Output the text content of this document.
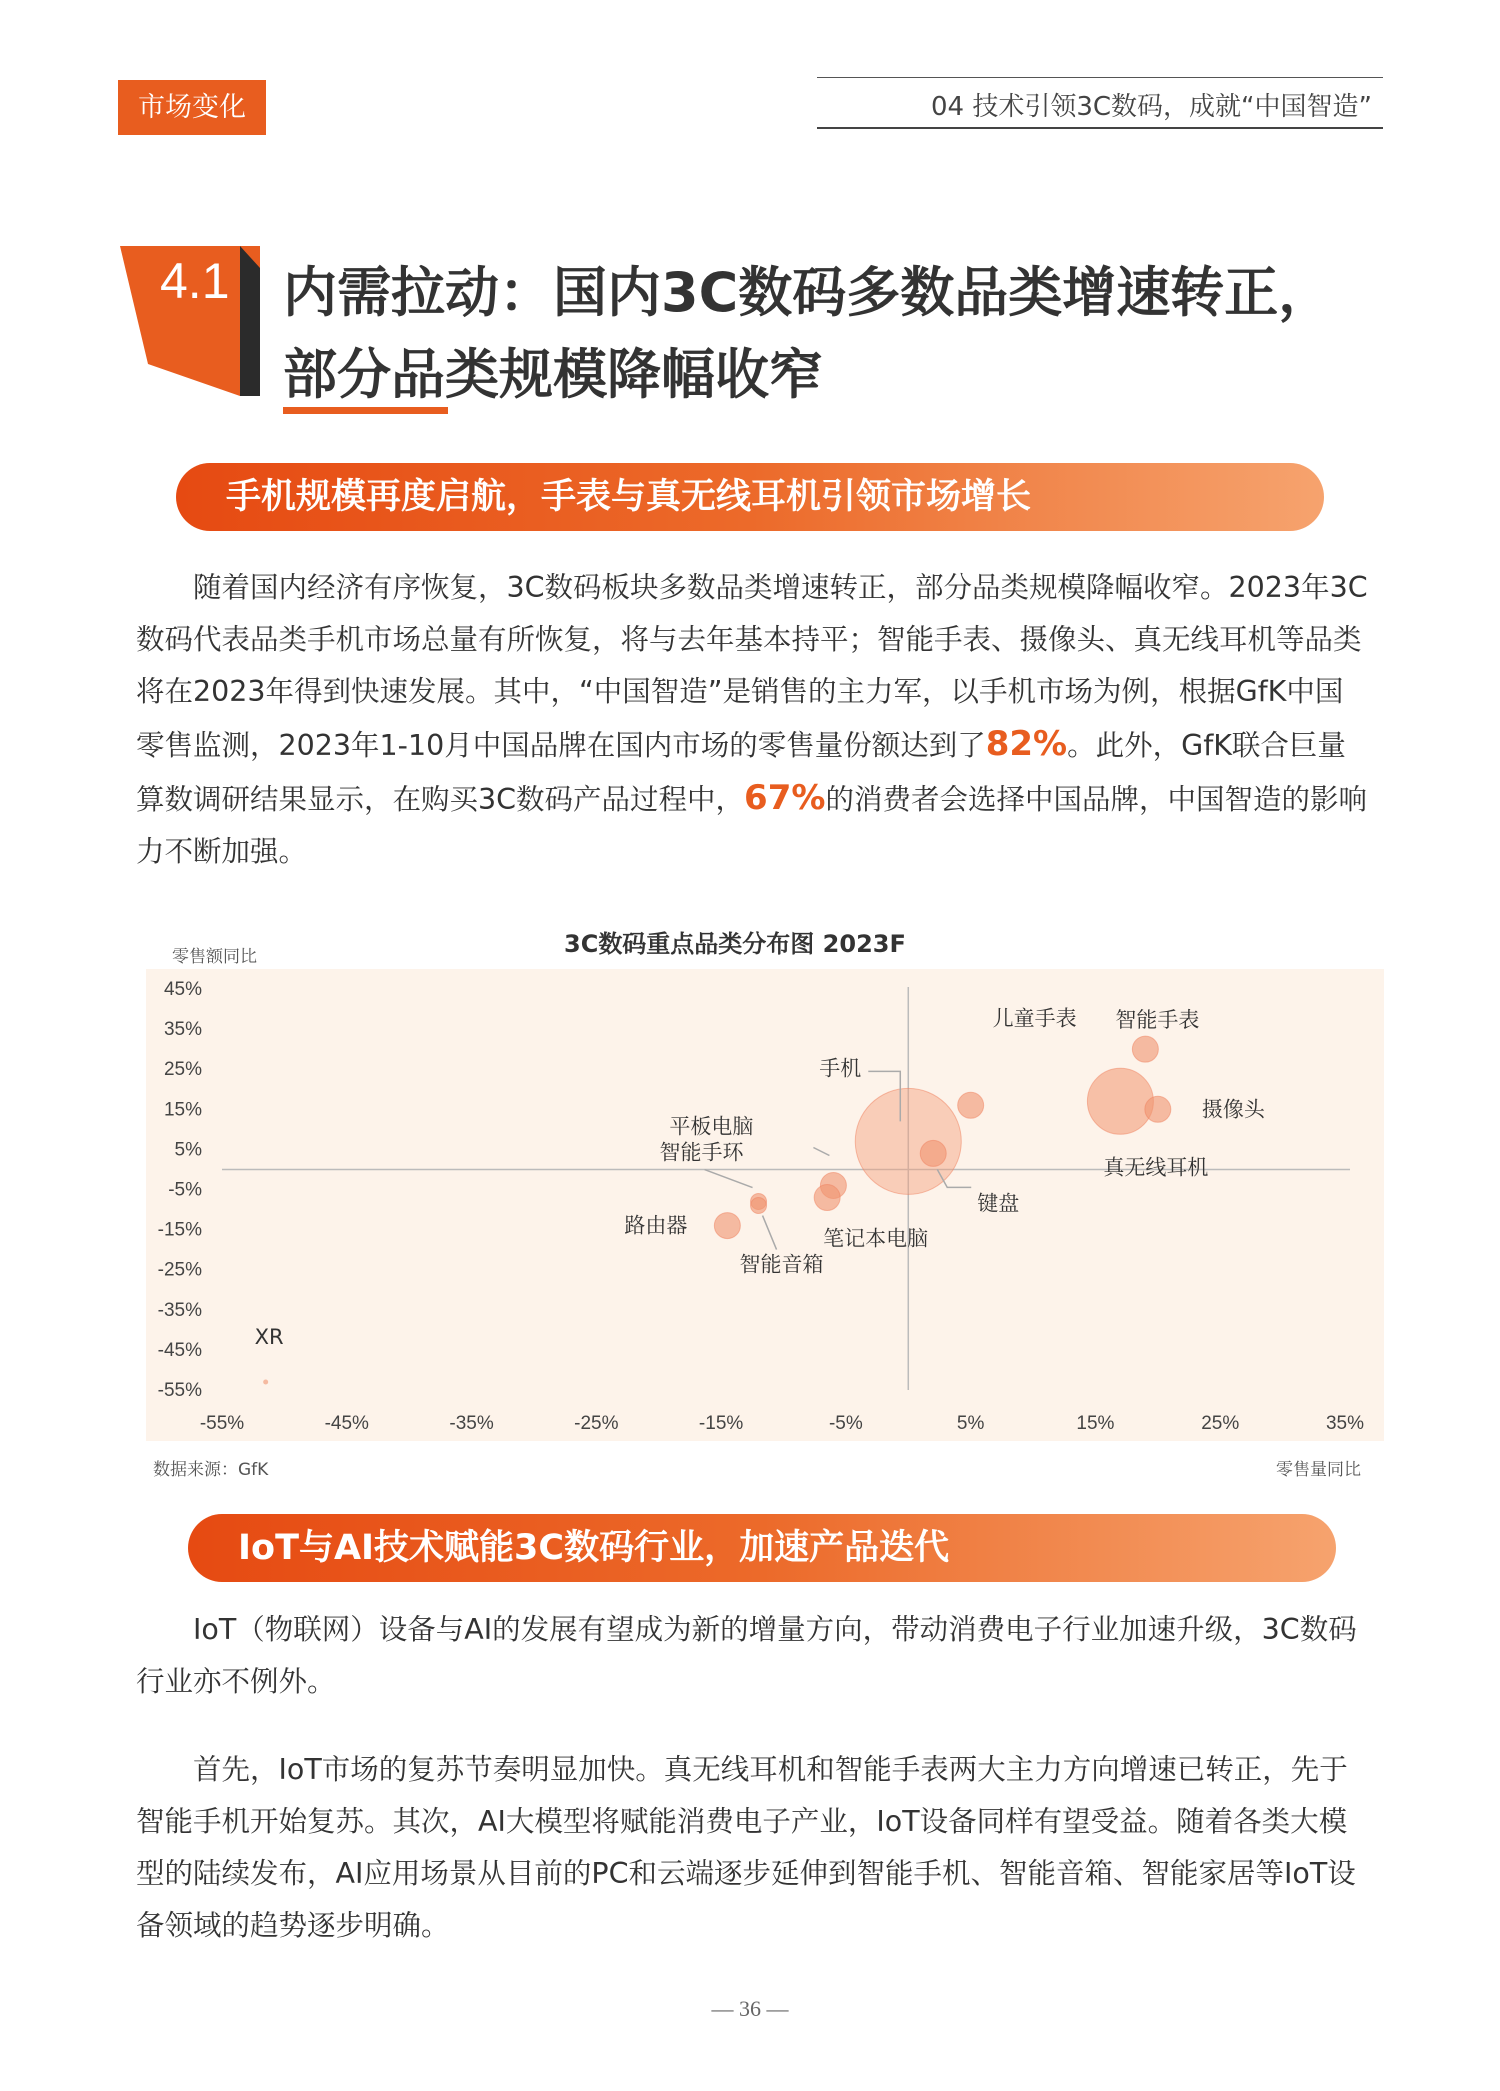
市场变化	04 技术引领3C数码，成就“中国智造”
4.1 内需拉动：国内3C数码多数品类增速转正，
部分品类规模降幅收窄
手机规模再度启航，手表与真无线耳机引领市场增长

随着国内经济有序恢复，3C数码板块多数品类增速转正，部分品类规模降幅收窄。2023年3C数码代表品类手机市场总量有所恢复，将与去年基本持平；智能手表、摄像头、真无线耳机等品类将在2023年得到快速发展。其中，“中国智造”是销售的主力军，以手机市场为例，根据GfK中国零售监测，2023年1-10月中国品牌在国内市场的零售量份额达到了82%。此外，GfK联合巨量算数调研结果显示，在购买3C数码产品过程中，67%的消费者会选择中国品牌，中国智造的影响力不断加强。

3C数码重点品类分布图 2023F
零售额同比
45%
35%
25%
15%
5%
-5%
-15%
-25%
-35%
-45%
-55%
-55%	-45%	-35%	-25%	-15%	-5%	5%	15%	25%	35%
手机
儿童手表 智能手表
真无线耳机
摄像头
键盘
平板电脑
笔记本电脑
智能手环
智能音箱
路由器
XR
数据来源：GfK	零售量同比
IoT与AI技术赋能3C数码行业，加速产品迭代

IoT（物联网）设备与AI的发展有望成为新的增量方向，带动消费电子行业加速升级，3C数码行业亦不例外。

首先，IoT市场的复苏节奏明显加快。真无线耳机和智能手表两大主力方向增速已转正，先于智能手机开始复苏。其次，AI大模型将赋能消费电子产业，IoT设备同样有望受益。随着各类大模型的陆续发布，AI应用场景从目前的PC和云端逐步延伸到智能手机、智能音箱、智能家居等IoT设备领域的趋势逐步明确。

— 36 —
